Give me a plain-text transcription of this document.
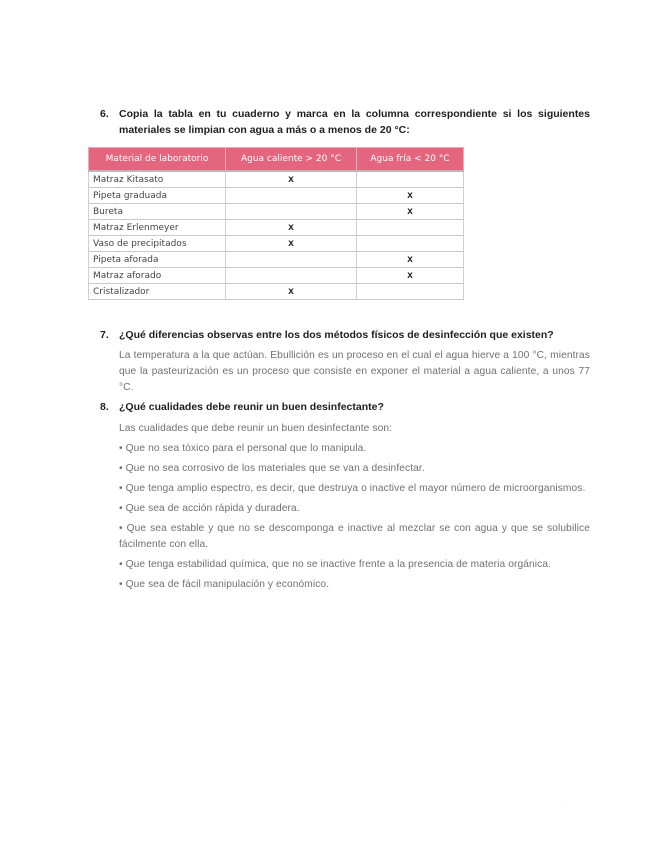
6. Copia la tabla en tu cuaderno y marca en la columna correspondiente si los siguientes materiales se limpian con agua a más o a menos de 20 °C:
Material de laboratorio	Agua caliente > 20 °C	Agua fría < 20 °C
Matraz Kitasato	x	
Pipeta graduada		x
Bureta		x
Matraz Erlenmeyer	x	
Vaso de precipitados	x	
Pipeta aforada		x
Matraz aforado		x
Cristalizador	x	
7. ¿Qué diferencias observas entre los dos métodos físicos de desinfección que existen?

La temperatura a la que actúan. Ebullición es un proceso en el cual el agua hierve a 100 °C, mientras que la pasteurización es un proceso que consiste en exponer el material a agua caliente, a unos 77 °C.

8. ¿Qué cualidades debe reunir un buen desinfectante?

Las cualidades que debe reunir un buen desinfectante son:

• Que no sea tóxico para el personal que lo manipula.

• Que no sea corrosivo de los materiales que se van a desinfectar.

• Que tenga amplio espectro, es decir, que destruya o inactive el mayor número de microorganismos.

• Que sea de acción rápida y duradera.

• Que sea estable y que no se descomponga e inactive al mezclar se con agua y que se solubilice fácilmente con ella.

• Que tenga estabilidad química, que no se inactive frente a la presencia de materia orgánica.

• Que sea de fácil manipulación y económico.

.
